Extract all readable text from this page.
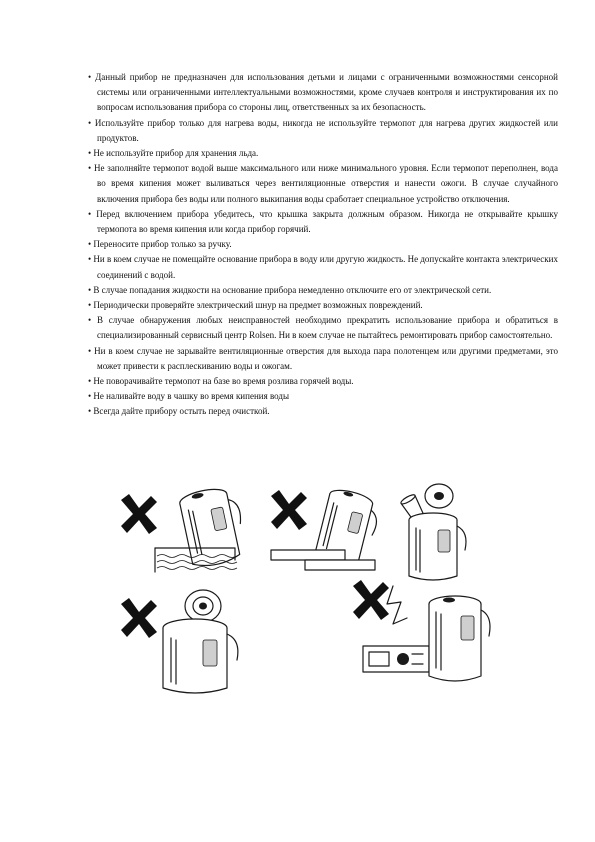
• Данный прибор не предназначен для использования детьми и лицами с ограниченными возможностями сенсорной системы или ограниченными интеллектуальными возможностями, кроме случаев контроля и инструктирования их по вопросам использования прибора со стороны лиц, ответственных за их безопасность.
• Используйте прибор только для нагрева воды, никогда не используйте термопот для нагрева других жидкостей или продуктов.
• Не используйте прибор для хранения льда.
• Не заполняйте термопот водой выше максимального или ниже минимального уровня. Если термопот переполнен, вода во время кипения может выливаться через вентиляционные отверстия и нанести ожоги. В случае случайного включения прибора без воды или полного выкипания воды сработает специальное устройство отключения.
• Перед включением прибора убедитесь, что крышка закрыта должным образом. Никогда не открывайте крышку термопота во время кипения или когда прибор горячий.
• Переносите прибор только за ручку.
• Ни в коем случае не помещайте основание прибора в воду или другую жидкость. Не допускайте контакта электрических соединений с водой.
• В случае попадания жидкости на основание прибора немедленно отключите его от электрической сети.
• Периодически проверяйте электрический шнур на предмет возможных повреждений.
• В случае обнаружения любых неисправностей необходимо прекратить использование прибора и обратиться в специализированный сервисный центр Rolsen. Ни в коем случае не пытайтесь ремонтировать прибор самостоятельно.
• Ни в коем случае не зарывайте вентиляционные отверстия для выхода пара полотенцем или другими предметами, это может привести к расплескиванию воды и ожогам.
• Не поворачивайте термопот на базе во время розлива горячей воды.
• Не наливайте воду в чашку во время кипения воды
• Всегда дайте прибору остыть перед очисткой.
